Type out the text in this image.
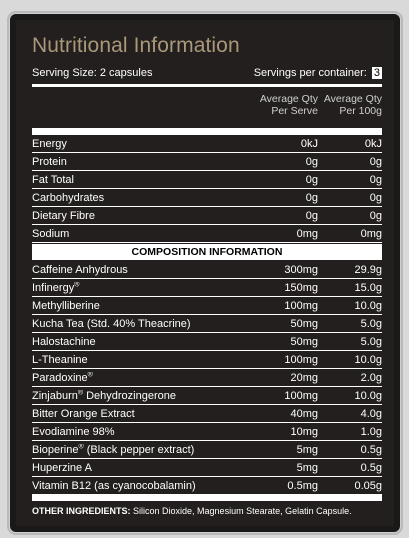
Nutritional Information
Serving Size: 2 capsules	Servings per container: 3
Average Qty
Per Serve
Average Qty
Per 100g
Energy	0kJ	0kJ
Protein	0g	0g
Fat Total	0g	0g
Carbohydrates	0g	0g
Dietary Fibre	0g	0g
Sodium	0mg	0mg
COMPOSITION INFORMATION
Caffeine Anhydrous	300mg	29.9g
Infinergy®	150mg	15.0g
Methylliberine	100mg	10.0g
Kucha Tea (Std. 40% Theacrine)	50mg	5.0g
Halostachine	50mg	5.0g
L-Theanine	100mg	10.0g
Paradoxine®	20mg	2.0g
Zinjaburn® Dehydrozingerone	100mg	10.0g
Bitter Orange Extract	40mg	4.0g
Evodiamine 98%	10mg	1.0g
Bioperine® (Black pepper extract)	5mg	0.5g
Huperzine A	5mg	0.5g
Vitamin B12 (as cyanocobalamin)	0.5mg	0.05g
OTHER INGREDIENTS: Silicon Dioxide, Magnesium Stearate, Gelatin Capsule.
